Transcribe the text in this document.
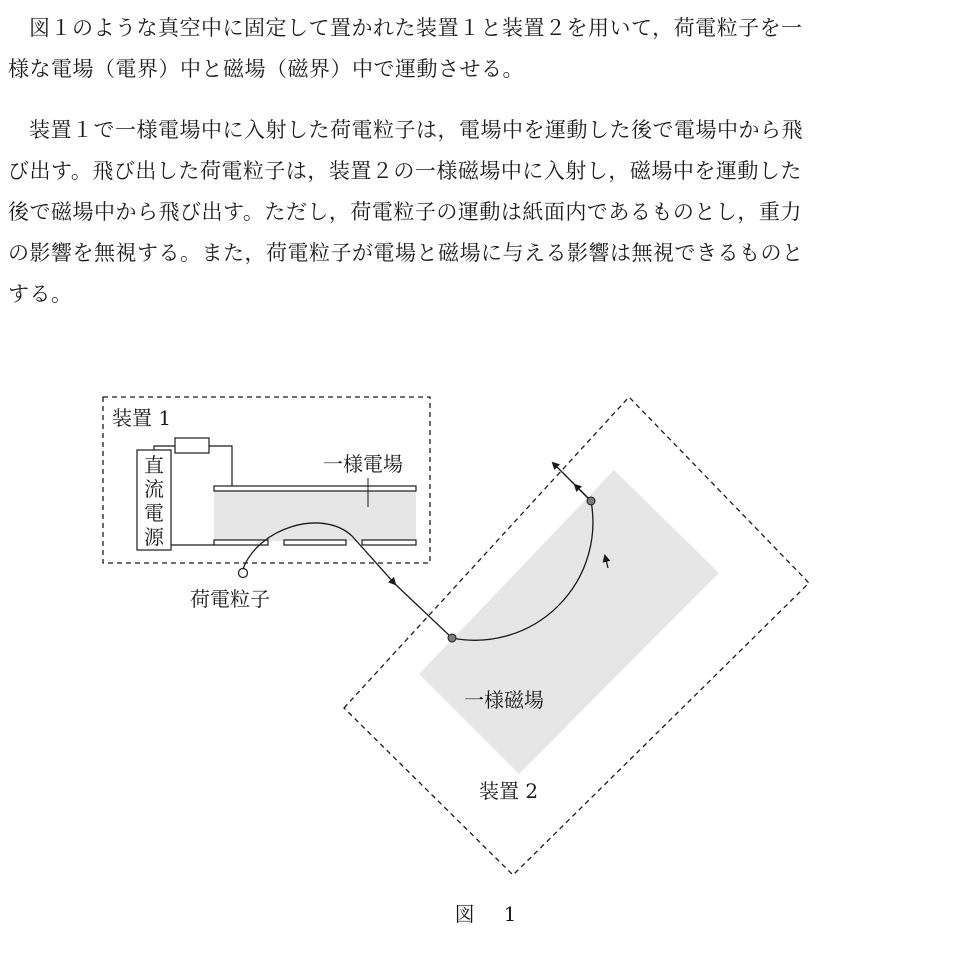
図１のような真空中に固定して置かれた装置１と装置２を用いて，荷電粒子を一
様な電場（電界）中と磁場（磁界）中で運動させる。
装置１で一様電場中に入射した荷電粒子は，電場中を運動した後で電場中から飛
び出す。飛び出した荷電粒子は，装置２の一様磁場中に入射し，磁場中を運動した
後で磁場中から飛び出す。ただし，荷電粒子の運動は紙面内であるものとし，重力
の影響を無視する。また，荷電粒子が電場と磁場に与える影響は無視できるものと
する。
装置 1
直
流
電
源
一様電場
荷電粒子
一様磁場
装置 2
図 1
